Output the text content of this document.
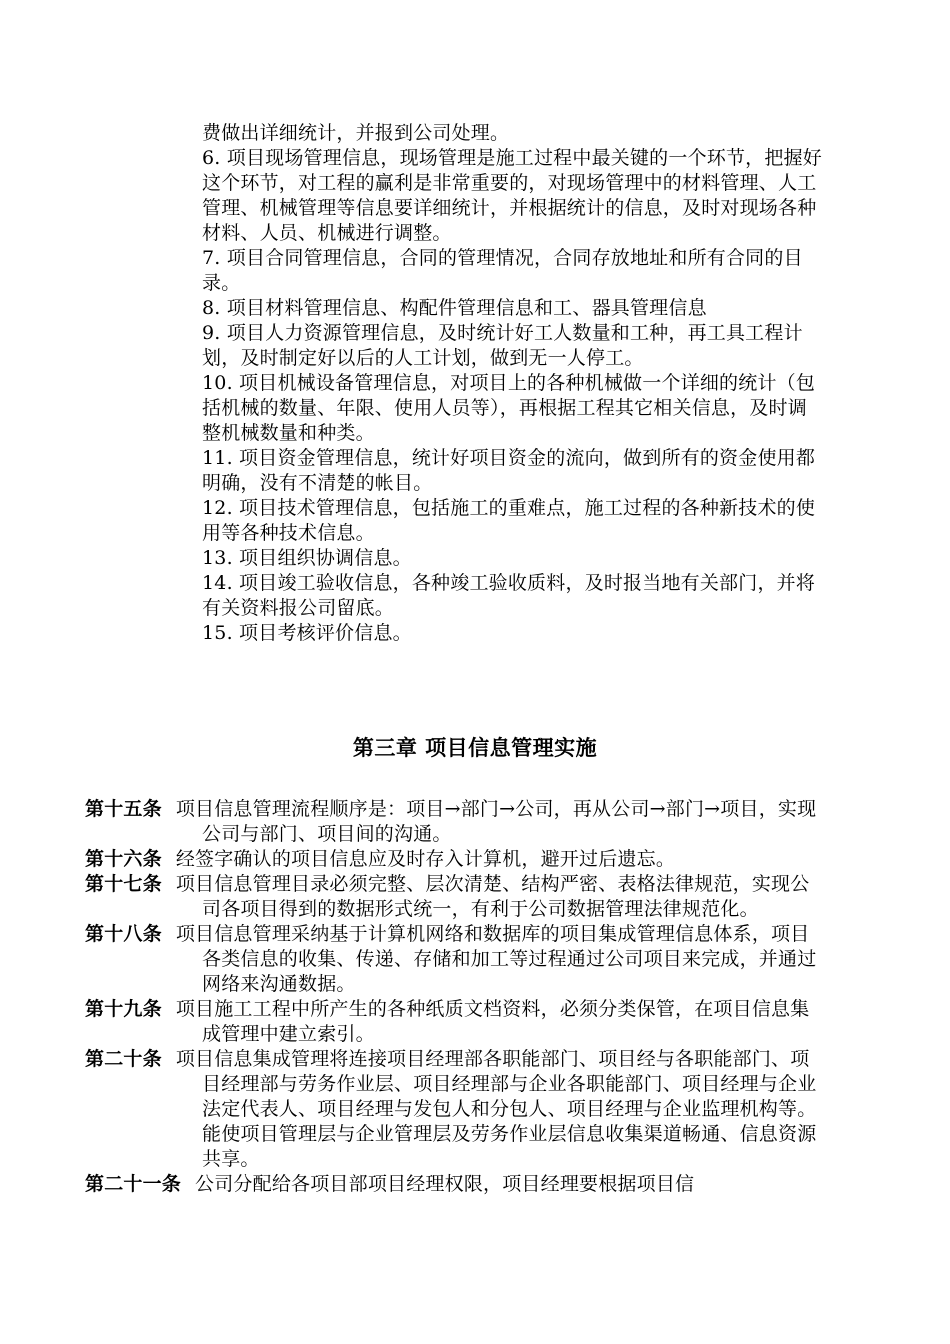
费做出详细统计，并报到公司处理。

6. 项目现场管理信息，现场管理是施工过程中最关键的一个环节，把握好这个环节，对工程的赢利是非常重要的，对现场管理中的材料管理、人工管理、机械管理等信息要详细统计，并根据统计的信息，及时对现场各种材料、人员、机械进行调整。

7. 项目合同管理信息，合同的管理情况，合同存放地址和所有合同的目录。

8. 项目材料管理信息、构配件管理信息和工、器具管理信息

9. 项目人力资源管理信息，及时统计好工人数量和工种，再工具工程计划，及时制定好以后的人工计划，做到无一人停工。

10. 项目机械设备管理信息，对项目上的各种机械做一个详细的统计（包括机械的数量、年限、使用人员等），再根据工程其它相关信息，及时调整机械数量和种类。

11. 项目资金管理信息，统计好项目资金的流向，做到所有的资金使用都明确，没有不清楚的帐目。

12. 项目技术管理信息，包括施工的重难点，施工过程的各种新技术的使用等各种技术信息。

13. 项目组织协调信息。

14. 项目竣工验收信息，各种竣工验收质料，及时报当地有关部门，并将有关资料报公司留底。

15. 项目考核评价信息。

第三章 项目信息管理实施

第十五条 项目信息管理流程顺序是：项目→部门→公司，再从公司→部门→项目，实现公司与部门、项目间的沟通。

第十六条 经签字确认的项目信息应及时存入计算机，避开过后遗忘。

第十七条 项目信息管理目录必须完整、层次清楚、结构严密、表格法律规范，实现公司各项目得到的数据形式统一，有利于公司数据管理法律规范化。

第十八条 项目信息管理采纳基于计算机网络和数据库的项目集成管理信息体系，项目各类信息的收集、传递、存储和加工等过程通过公司项目来完成，并通过网络来沟通数据。

第十九条 项目施工工程中所产生的各种纸质文档资料，必须分类保管，在项目信息集成管理中建立索引。

第二十条 项目信息集成管理将连接项目经理部各职能部门、项目经与各职能部门、项目经理部与劳务作业层、项目经理部与企业各职能部门、项目经理与企业法定代表人、项目经理与发包人和分包人、项目经理与企业监理机构等。能使项目管理层与企业管理层及劳务作业层信息收集渠道畅通、信息资源共享。

第二十一条 公司分配给各项目部项目经理权限，项目经理要根据项目信
